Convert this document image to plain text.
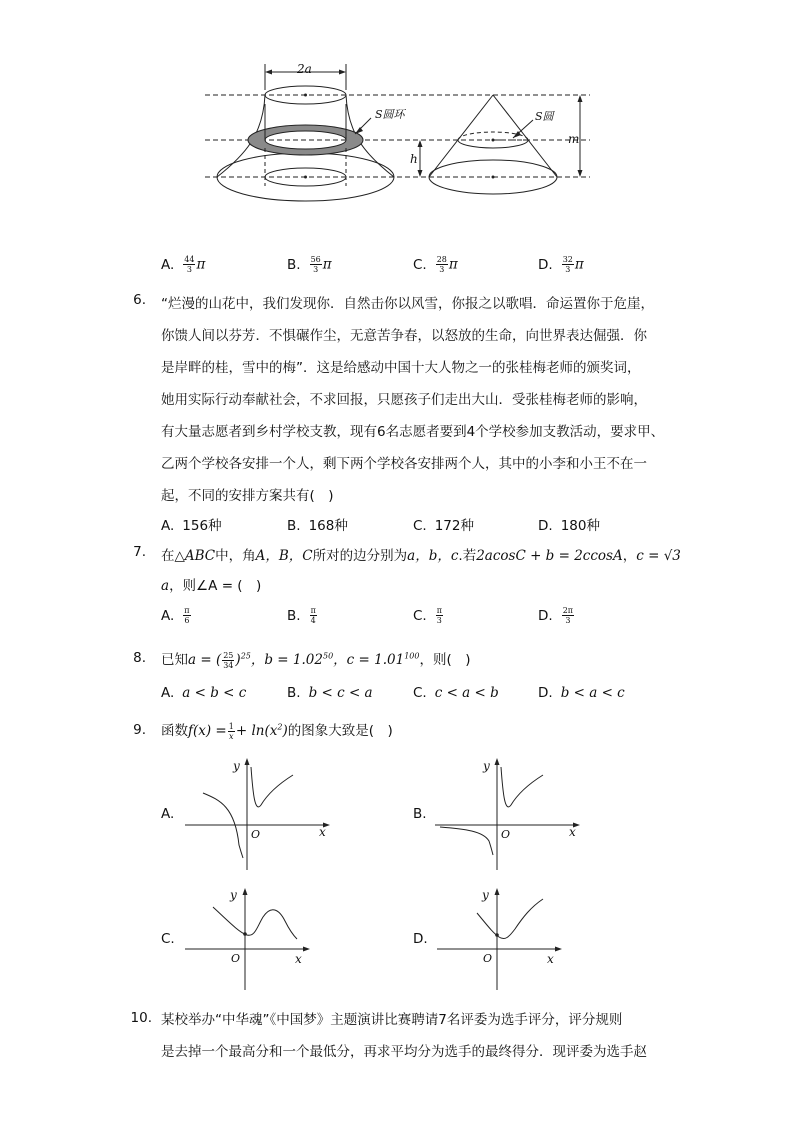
2a
S圆环	S圆
h
m
A. $\frac{44}{3}$ π	B. $\frac{56}{3}$ π	C. $\frac{28}{3}$ π	D. $\frac{32}{3}$ π
6. “烂漫的山花中，我们发现你．自然击你以风雪，你报之以歌唱．命运置你于危崖，
你馈人间以芬芳．不惧碾作尘，无意苦争春，以怒放的生命，向世界表达倔强．你
是岸畔的桂，雪中的梅”．这是给感动中国十大人物之一的张桂梅老师的颁奖词，
她用实际行动奉献社会，不求回报，只愿孩子们走出大山．受张桂梅老师的影响，
有大量志愿者到乡村学校支教，现有6名志愿者要到4个学校参加支教活动，要求甲、
乙两个学校各安排一个人，剩下两个学校各安排两个人，其中的小李和小王不在一
起，不同的安排方案共有(　)
A. 156种	B. 168种	C. 172种	D. 180种
7. 在△ABC中，角A，B，C所对的边分别为a，b，c.若2acosC + b = 2ccosA，c = √3
a，则∠A = (　)
A. $\frac{\pi}{6}$	B. $\frac{\pi}{4}$	C. $\frac{\pi}{3}$	D. $\frac{2\pi}{3}$
8. 已知a = ( $\frac{25}{34} )^{25}$，$b = 1.02^{50}$，$c = 1.01^{100}$，则(　)
A. a < b < c	B. b < c < a	C. c < a < b	D. b < a < c
9. 函数$f(x) = \frac{1}{x} + \ln(x^2)$的图象大致是(　)
A.
y
O	x
B.
y
O	x
C.
y
O	x
D.
y
O	x
10. 某校举办“中华魂”《中国梦》主题演讲比赛聘请7名评委为选手评分，评分规则
是去掉一个最高分和一个最低分，再求平均分为选手的最终得分．现评委为选手赵
